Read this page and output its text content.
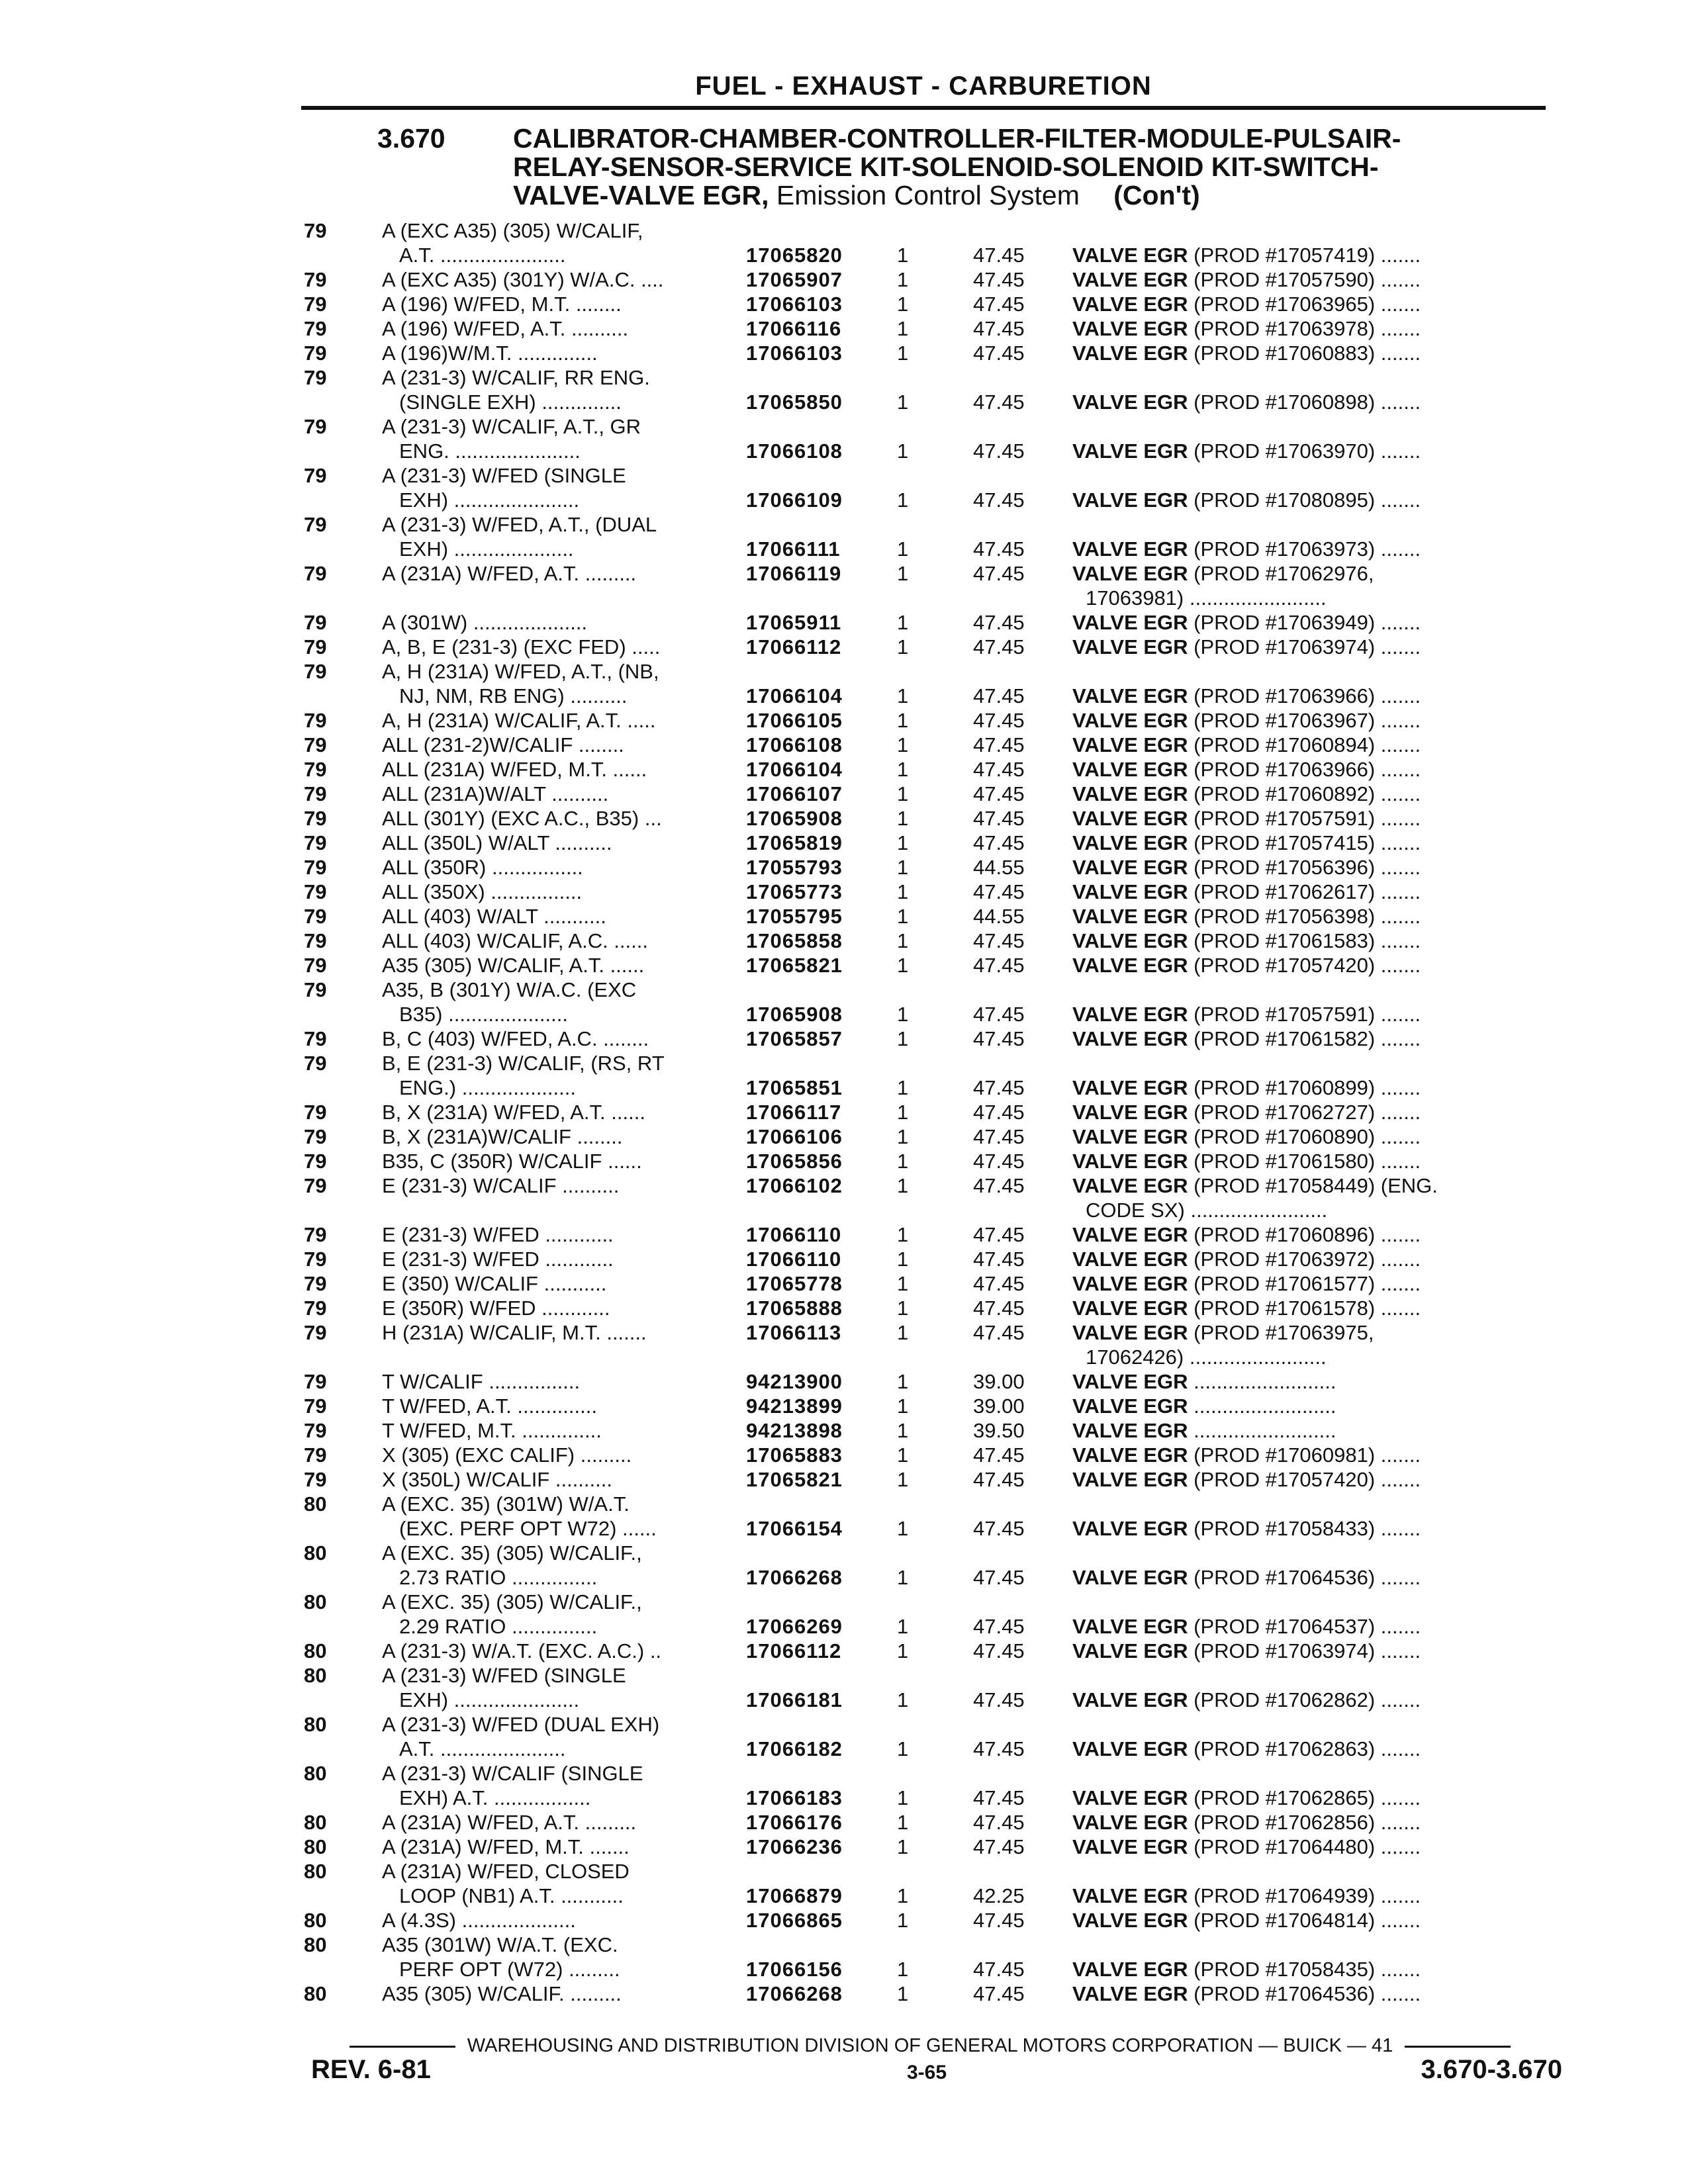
FUEL - EXHAUST - CARBURETION
3.670 CALIBRATOR-CHAMBER-CONTROLLER-FILTER-MODULE-PULSAIR-
RELAY-SENSOR-SERVICE KIT-SOLENOID-SOLENOID KIT-SWITCH-
VALVE-VALVE EGR, Emission Control System (Con't)
79	A (EXC A35) (305) W/CALIF,
A.T. ......................	17065820	1	47.45 VALVE EGR (PROD #17057419) .......
79	A (EXC A35) (301Y) W/A.C. ....	17065907	1	47.45 VALVE EGR (PROD #17057590) .......
79	A (196) W/FED, M.T. ........	17066103	1	47.45 VALVE EGR (PROD #17063965) .......
79	A (196) W/FED, A.T. ..........	17066116	1	47.45 VALVE EGR (PROD #17063978) .......
79	A (196)W/M.T. ..............	17066103	1	47.45 VALVE EGR (PROD #17060883) .......
79	A (231-3) W/CALIF, RR ENG.
(SINGLE EXH) ..............	17065850	1	47.45 VALVE EGR (PROD #17060898) .......
79	A (231-3) W/CALIF, A.T., GR
ENG. ......................	17066108	1	47.45 VALVE EGR (PROD #17063970) .......
79	A (231-3) W/FED (SINGLE
EXH) ......................	17066109	1	47.45 VALVE EGR (PROD #17080895) .......
79	A (231-3) W/FED, A.T., (DUAL
EXH) .....................	17066111	1	47.45 VALVE EGR (PROD #17063973) .......
79	A (231A) W/FED, A.T. .........	17066119	1	47.45 VALVE EGR (PROD #17062976,
17063981) ........................
79	A (301W) ....................	17065911	1	47.45 VALVE EGR (PROD #17063949) .......
79	A, B, E (231-3) (EXC FED) .....	17066112	1	47.45 VALVE EGR (PROD #17063974) .......
79	A, H (231A) W/FED, A.T., (NB,
NJ, NM, RB ENG) ..........	17066104	1	47.45 VALVE EGR (PROD #17063966) .......
79	A, H (231A) W/CALIF, A.T. .....	17066105	1	47.45 VALVE EGR (PROD #17063967) .......
79	ALL (231-2)W/CALIF ........	17066108	1	47.45 VALVE EGR (PROD #17060894) .......
79	ALL (231A) W/FED, M.T. ......	17066104	1	47.45 VALVE EGR (PROD #17063966) .......
79	ALL (231A)W/ALT ..........	17066107	1	47.45 VALVE EGR (PROD #17060892) .......
79	ALL (301Y) (EXC A.C., B35) ...	17065908	1	47.45 VALVE EGR (PROD #17057591) .......
79	ALL (350L) W/ALT ..........	17065819	1	47.45 VALVE EGR (PROD #17057415) .......
79	ALL (350R) ................	17055793	1	44.55 VALVE EGR (PROD #17056396) .......
79	ALL (350X) ................	17065773	1	47.45 VALVE EGR (PROD #17062617) .......
79	ALL (403) W/ALT ...........	17055795	1	44.55 VALVE EGR (PROD #17056398) .......
79	ALL (403) W/CALIF, A.C. ......	17065858	1	47.45 VALVE EGR (PROD #17061583) .......
79	A35 (305) W/CALIF, A.T. ......	17065821	1	47.45 VALVE EGR (PROD #17057420) .......
79	A35, B (301Y) W/A.C. (EXC
B35) .....................	17065908	1	47.45 VALVE EGR (PROD #17057591) .......
79	B, C (403) W/FED, A.C. ........	17065857	1	47.45 VALVE EGR (PROD #17061582) .......
79	B, E (231-3) W/CALIF, (RS, RT
ENG.) ....................	17065851	1	47.45 VALVE EGR (PROD #17060899) .......
79	B, X (231A) W/FED, A.T. ......	17066117	1	47.45 VALVE EGR (PROD #17062727) .......
79	B, X (231A)W/CALIF ........	17066106	1	47.45 VALVE EGR (PROD #17060890) .......
79	B35, C (350R) W/CALIF ......	17065856	1	47.45 VALVE EGR (PROD #17061580) .......
79	E (231-3) W/CALIF ..........	17066102	1	47.45 VALVE EGR (PROD #17058449) (ENG.
CODE SX) ........................
79	E (231-3) W/FED ............	17066110	1	47.45 VALVE EGR (PROD #17060896) .......
79	E (231-3) W/FED ............	17066110	1	47.45 VALVE EGR (PROD #17063972) .......
79	E (350) W/CALIF ...........	17065778	1	47.45 VALVE EGR (PROD #17061577) .......
79	E (350R) W/FED ............	17065888	1	47.45 VALVE EGR (PROD #17061578) .......
79	H (231A) W/CALIF, M.T. .......	17066113	1	47.45 VALVE EGR (PROD #17063975,
17062426) ........................
79	T W/CALIF ................	94213900	1	39.00 VALVE EGR .........................
79	T W/FED, A.T. ..............	94213899	1	39.00 VALVE EGR .........................
79	T W/FED, M.T. ..............	94213898	1	39.50 VALVE EGR .........................
79	X (305) (EXC CALIF) .........	17065883	1	47.45 VALVE EGR (PROD #17060981) .......
79	X (350L) W/CALIF ..........	17065821	1	47.45 VALVE EGR (PROD #17057420) .......
80	A (EXC. 35) (301W) W/A.T.
(EXC. PERF OPT W72) ......	17066154	1	47.45 VALVE EGR (PROD #17058433) .......
80	A (EXC. 35) (305) W/CALIF.,
2.73 RATIO ...............	17066268	1	47.45 VALVE EGR (PROD #17064536) .......
80	A (EXC. 35) (305) W/CALIF.,
2.29 RATIO ...............	17066269	1	47.45 VALVE EGR (PROD #17064537) .......
80	A (231-3) W/A.T. (EXC. A.C.) ..	17066112	1	47.45 VALVE EGR (PROD #17063974) .......
80	A (231-3) W/FED (SINGLE
EXH) ......................	17066181	1	47.45 VALVE EGR (PROD #17062862) .......
80	A (231-3) W/FED (DUAL EXH)
A.T. ......................	17066182	1	47.45 VALVE EGR (PROD #17062863) .......
80	A (231-3) W/CALIF (SINGLE
EXH) A.T. .................	17066183	1	47.45 VALVE EGR (PROD #17062865) .......
80	A (231A) W/FED, A.T. .........	17066176	1	47.45 VALVE EGR (PROD #17062856) .......
80	A (231A) W/FED, M.T. .......	17066236	1	47.45 VALVE EGR (PROD #17064480) .......
80	A (231A) W/FED, CLOSED
LOOP (NB1) A.T. ...........	17066879	1	42.25 VALVE EGR (PROD #17064939) .......
80	A (4.3S) ....................	17066865	1	47.45 VALVE EGR (PROD #17064814) .......
80	A35 (301W) W/A.T. (EXC.
PERF OPT (W72) .........	17066156	1	47.45 VALVE EGR (PROD #17058435) .......
80	A35 (305) W/CALIF. .........	17066268	1	47.45 VALVE EGR (PROD #17064536) .......
WAREHOUSING AND DISTRIBUTION DIVISION OF GENERAL MOTORS CORPORATION — BUICK — 41
REV. 6-81	3-65	3.670-3.670
